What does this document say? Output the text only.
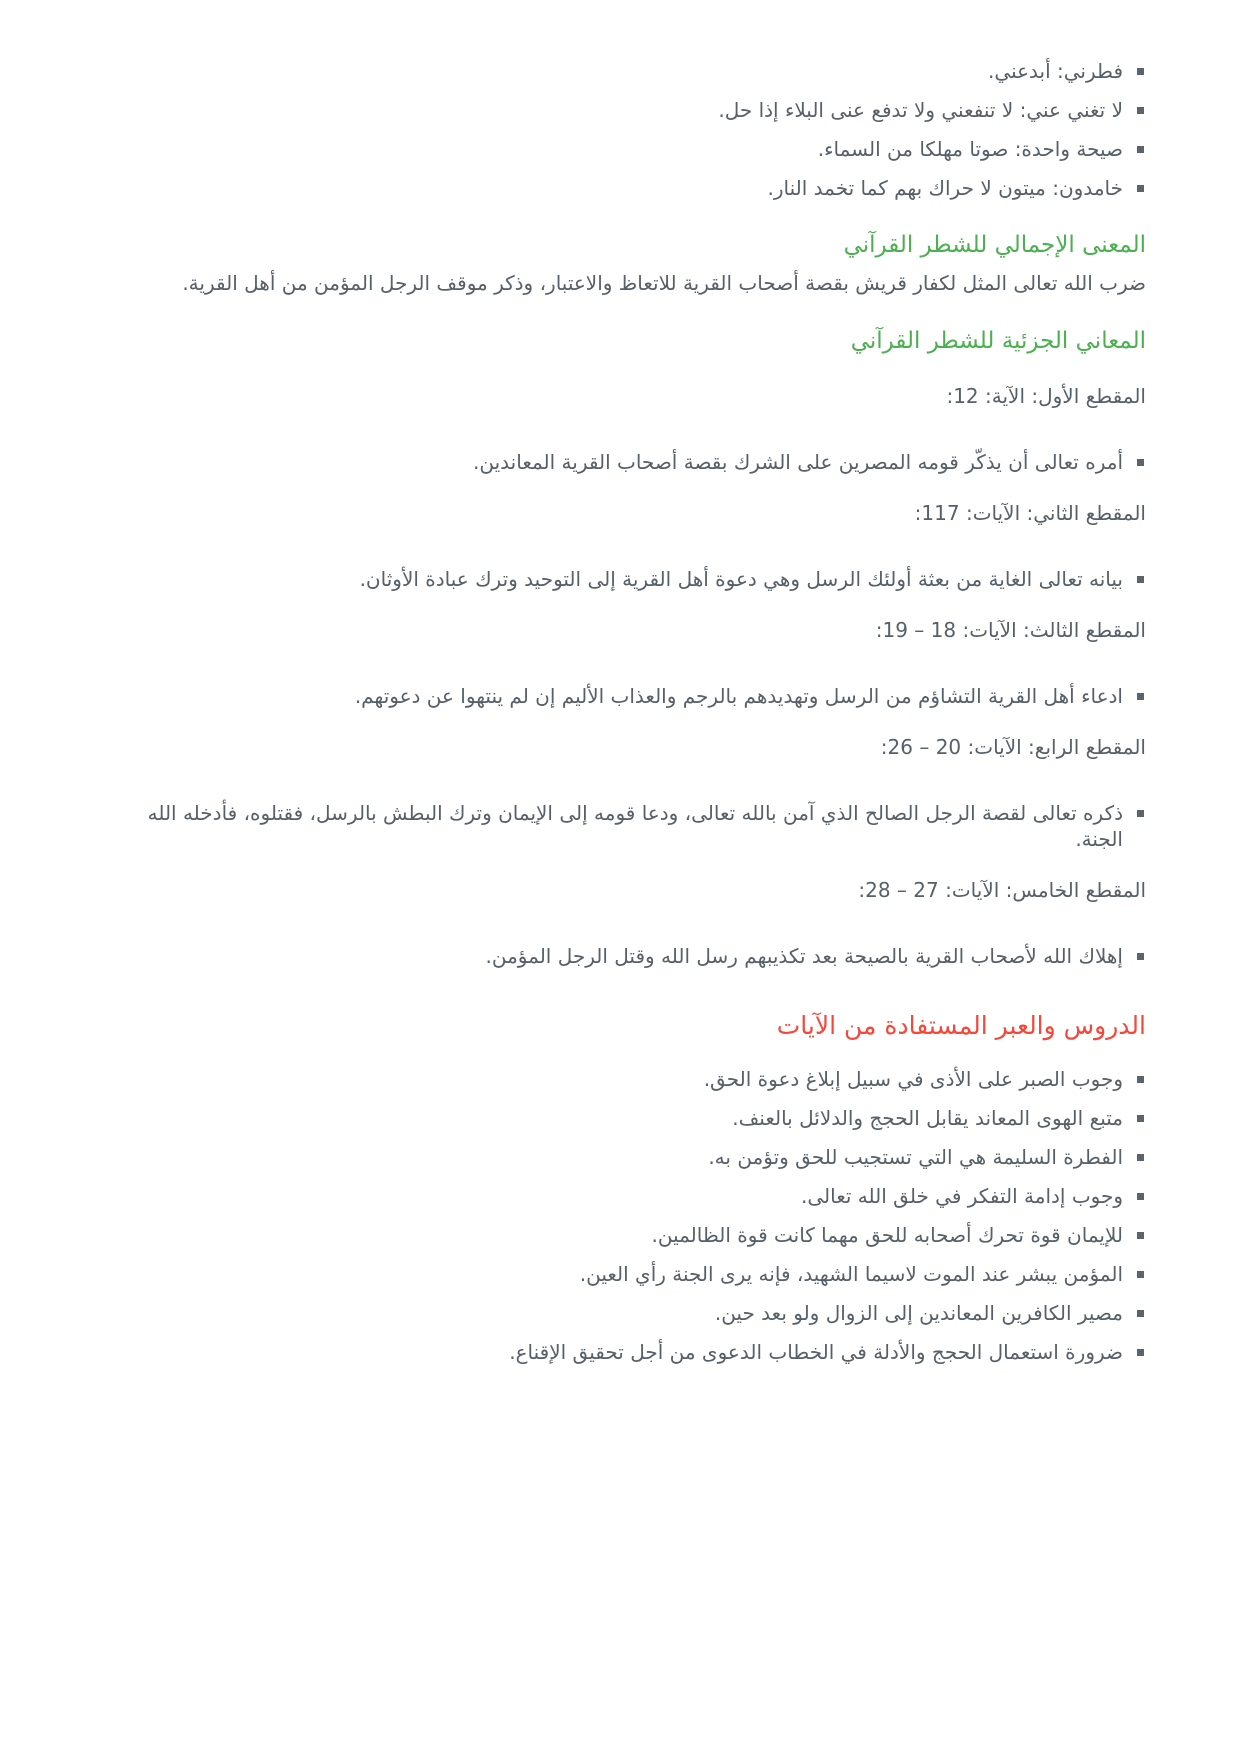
فطرني: أبدعني.
لا تغني عني: لا تنفعني ولا تدفع عنى البلاء إذا حل.
صيحة واحدة: صوتا مهلكا من السماء.
خامدون: ميتون لا حراك بهم كما تخمد النار.
المعنى الإجمالي للشطر القرآني

ضرب الله تعالى المثل لكفار قريش بقصة أصحاب القرية للاتعاظ والاعتبار، وذكر موقف الرجل المؤمن من أهل القرية.

المعاني الجزئية للشطر القرآني

المقطع الأول: الآية: 12:

أمره تعالى أن يذكّر قومه المصرين على الشرك بقصة أصحاب القرية المعاندين.

المقطع الثاني: الآيات: 117:

بيانه تعالى الغاية من بعثة أولئك الرسل وهي دعوة أهل القرية إلى التوحيد وترك عبادة الأوثان.

المقطع الثالث: الآيات: 18 – 19:

ادعاء أهل القرية التشاؤم من الرسل وتهديدهم بالرجم والعذاب الأليم إن لم ينتهوا عن دعوتهم.

المقطع الرابع: الآيات: 20 – 26:

ذكره تعالى لقصة الرجل الصالح الذي آمن بالله تعالى، ودعا قومه إلى الإيمان وترك البطش بالرسل، فقتلوه، فأدخله الله الجنة.

المقطع الخامس: الآيات: 27 – 28:

إهلاك الله لأصحاب القرية بالصيحة بعد تكذيبهم رسل الله وقتل الرجل المؤمن.
الدروس والعبر المستفادة من الآيات
وجوب الصبر على الأذى في سبيل إبلاغ دعوة الحق.
متبع الهوى المعاند يقابل الحجج والدلائل بالعنف.
الفطرة السليمة هي التي تستجيب للحق وتؤمن به.
وجوب إدامة التفكر في خلق الله تعالى.
للإيمان قوة تحرك أصحابه للحق مهما كانت قوة الظالمين.
المؤمن يبشر عند الموت لاسيما الشهيد، فإنه يرى الجنة رأي العين.
مصير الكافرين المعاندين إلى الزوال ولو بعد حين.
ضرورة استعمال الحجج والأدلة في الخطاب الدعوى من أجل تحقيق الإقناع.
